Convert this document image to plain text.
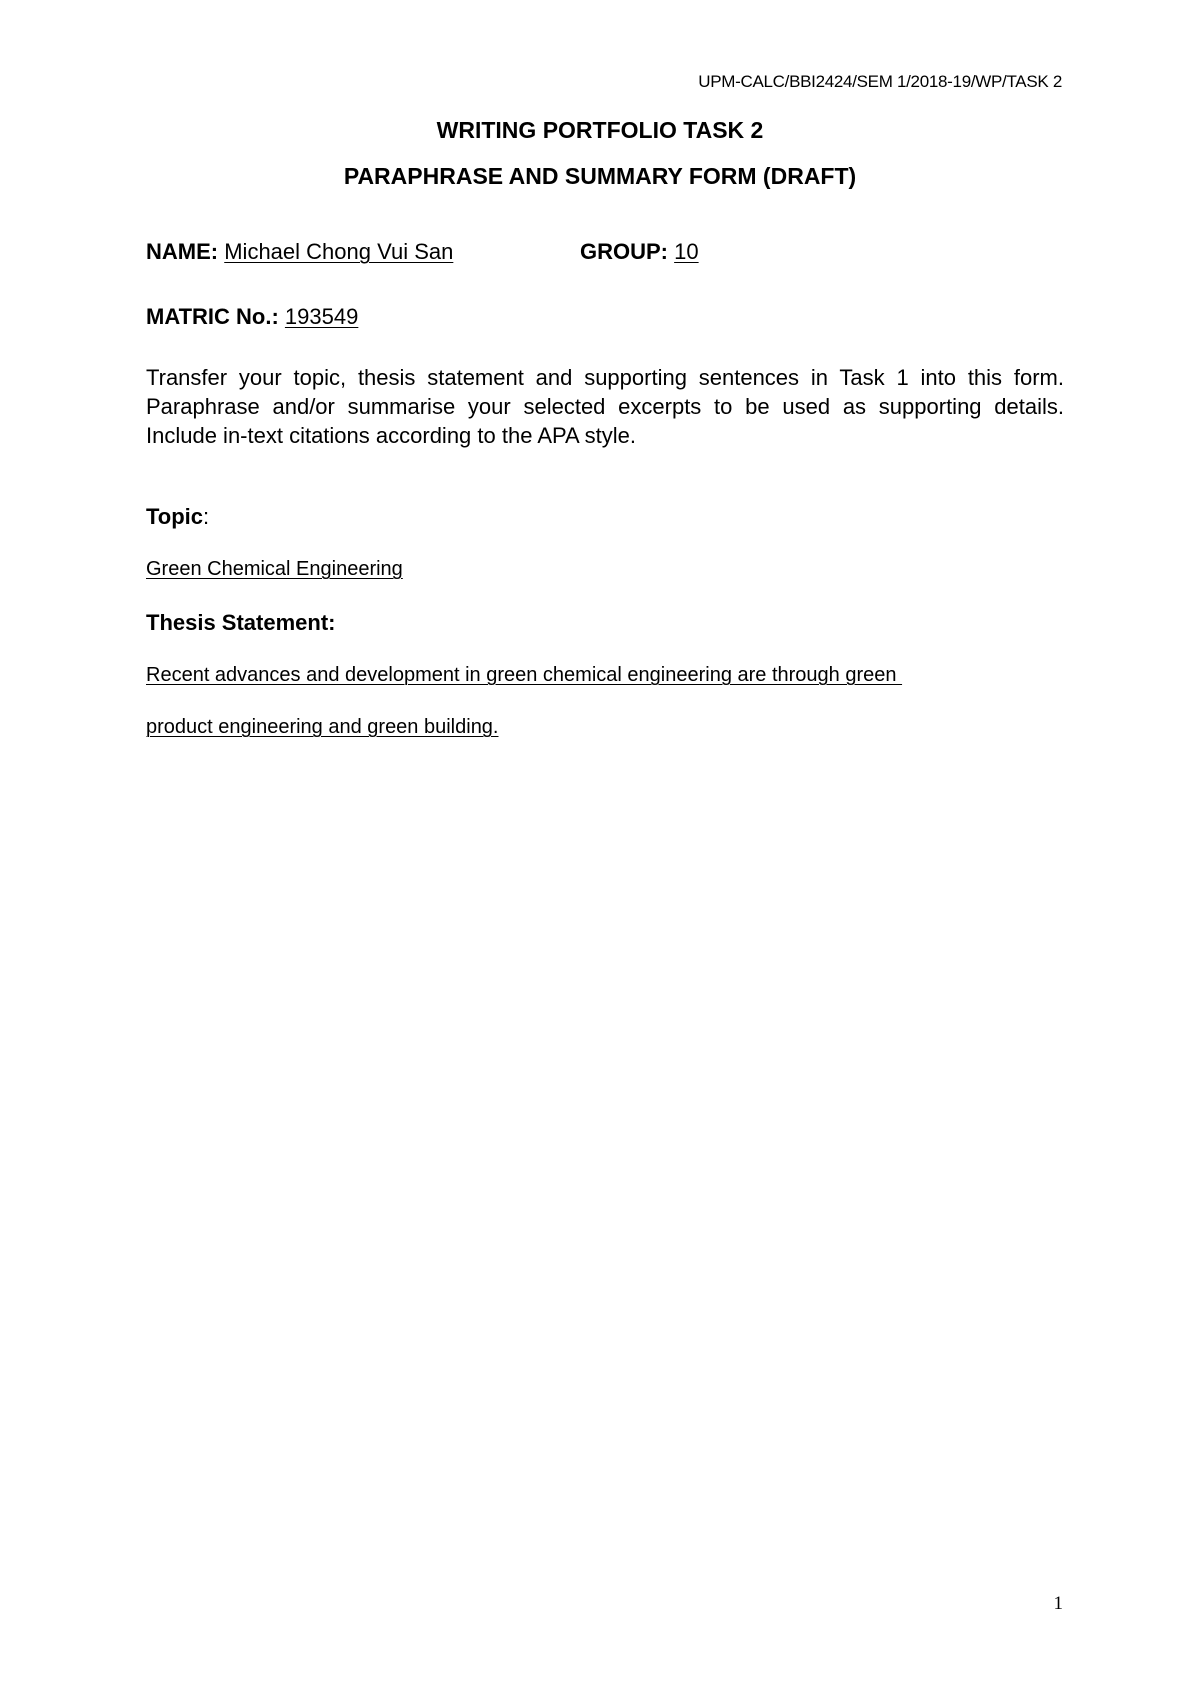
UPM-CALC/BBI2424/SEM 1/2018-19/WP/TASK 2
WRITING PORTFOLIO TASK 2
PARAPHRASE AND SUMMARY FORM (DRAFT)
NAME: Michael Chong Vui San	GROUP: 10
MATRIC No.: 193549
Transfer your topic, thesis statement and supporting sentences in Task 1 into this form. Paraphrase and/or summarise your selected excerpts to be used as supporting details. Include in-text citations according to the APA style.
Topic:
Green Chemical Engineering
Thesis Statement:
Recent advances and development in green chemical engineering are through green
product engineering and green building.
1
